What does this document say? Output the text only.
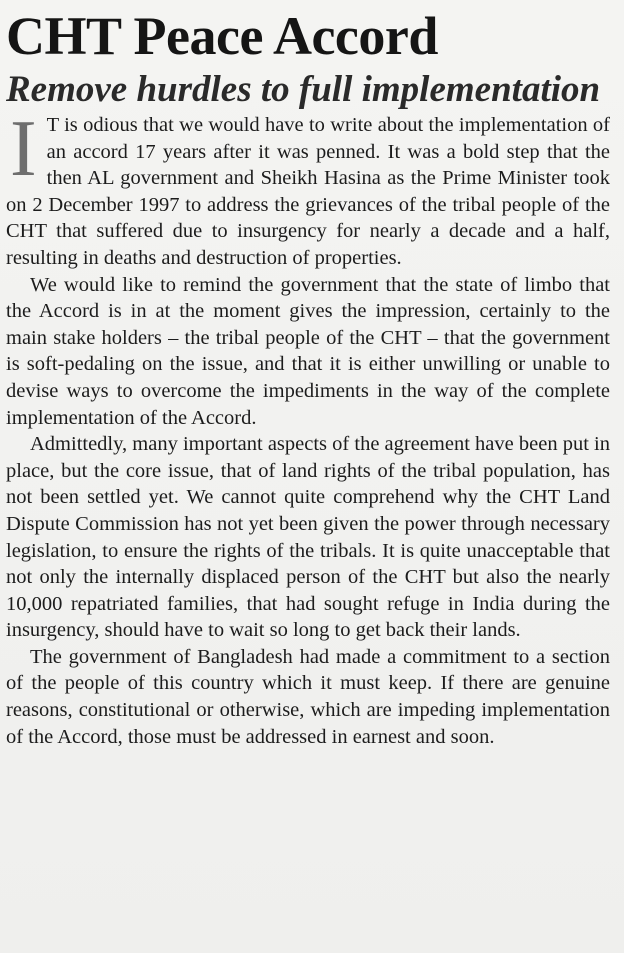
CHT Peace Accord
Remove hurdles to full implementation

I T is odious that we would have to write about the implementation of an accord 17 years after it was penned. It was a bold step that the then AL government and Sheikh Hasina as the Prime Minister took on 2 December 1997 to address the grievances of the tribal people of the CHT that suffered due to insurgency for nearly a decade and a half, resulting in deaths and destruction of properties.

We would like to remind the government that the state of limbo that the Accord is in at the moment gives the impression, certainly to the main stake holders – the tribal people of the CHT – that the government is soft-pedaling on the issue, and that it is either unwilling or unable to devise ways to overcome the impediments in the way of the complete implementation of the Accord.

Admittedly, many important aspects of the agreement have been put in place, but the core issue, that of land rights of the tribal population, has not been settled yet. We cannot quite comprehend why the CHT Land Dispute Commission has not yet been given the power through necessary legislation, to ensure the rights of the tribals. It is quite unacceptable that not only the internally displaced person of the CHT but also the nearly 10,000 repatriated families, that had sought refuge in India during the insurgency, should have to wait so long to get back their lands.

The government of Bangladesh had made a commitment to a section of the people of this country which it must keep. If there are genuine reasons, constitutional or otherwise, which are impeding implementation of the Accord, those must be addressed in earnest and soon.
